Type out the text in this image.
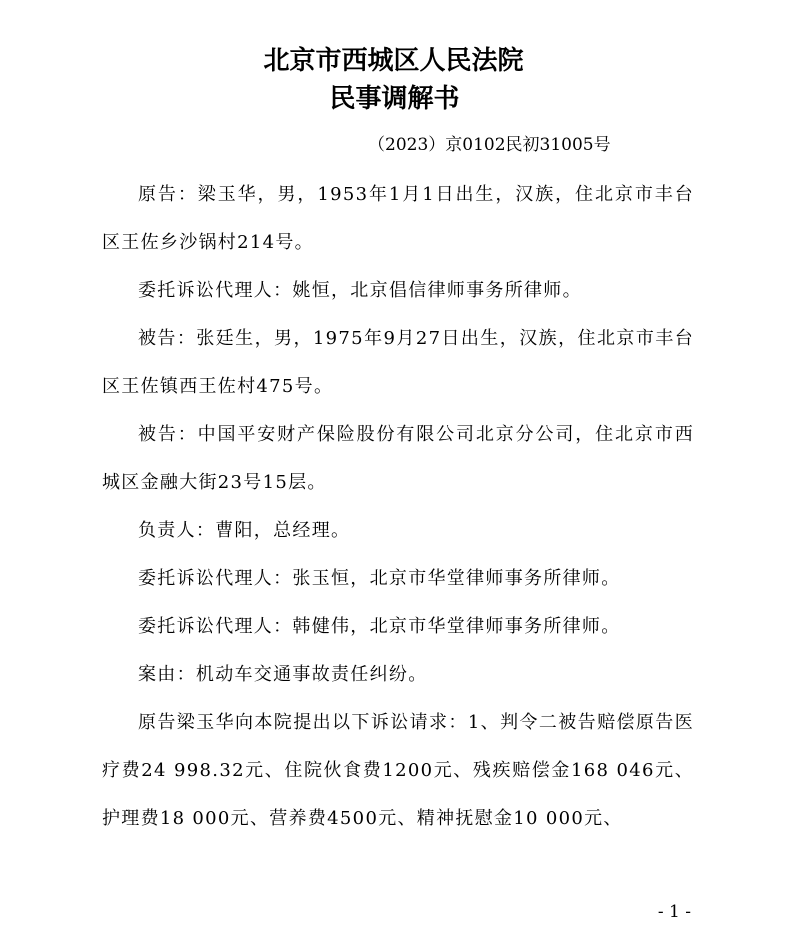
北京市西城区人民法院
民事调解书
（2023）京0102民初31005号

原告：梁玉华，男，1953年1月1日出生，汉族，住北京市丰台区王佐乡沙锅村214号。

委托诉讼代理人：姚恒，北京倡信律师事务所律师。

被告：张廷生，男，1975年9月27日出生，汉族，住北京市丰台区王佐镇西王佐村475号。

被告：中国平安财产保险股份有限公司北京分公司，住北京市西城区金融大街23号15层。

负责人：曹阳，总经理。

委托诉讼代理人：张玉恒，北京市华堂律师事务所律师。

委托诉讼代理人：韩健伟，北京市华堂律师事务所律师。

案由：机动车交通事故责任纠纷。

原告梁玉华向本院提出以下诉讼请求：1、判令二被告赔偿原告医疗费24 998.32元、住院伙食费1200元、残疾赔偿金168 046元、护理费18 000元、营养费4500元、精神抚慰金10 000元、

- 1 -
